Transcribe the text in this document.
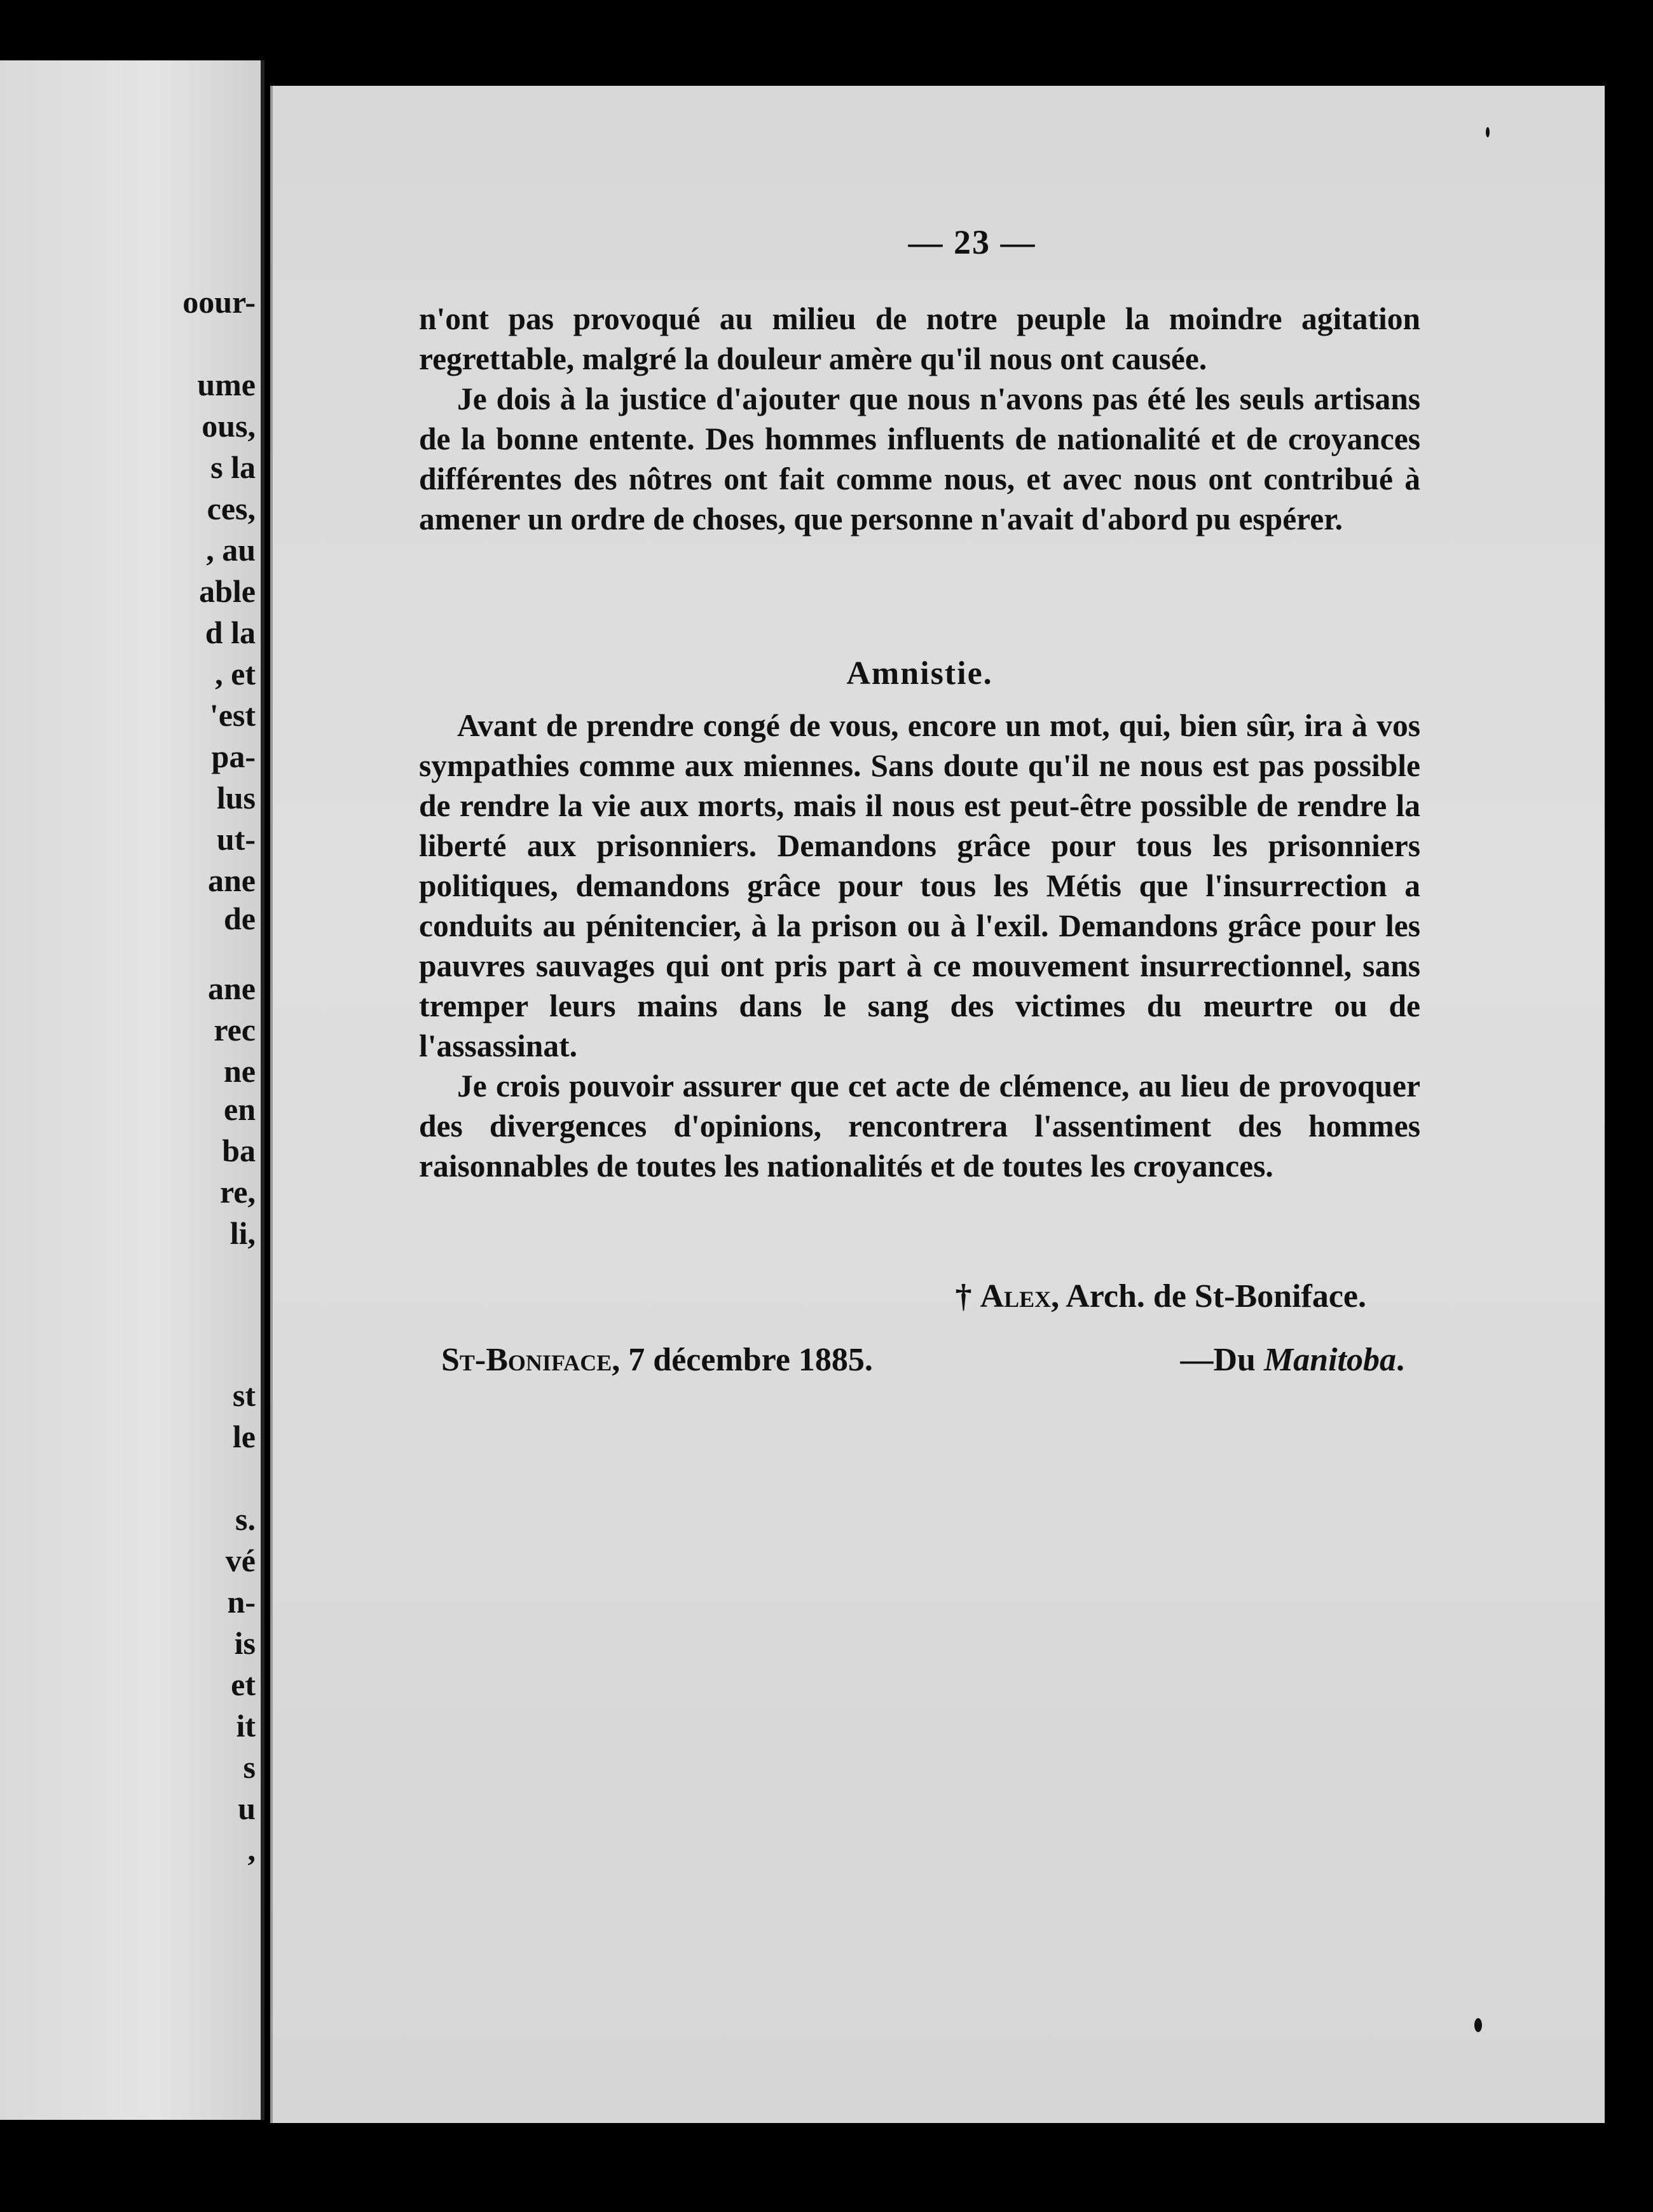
oour-
ume
ous,
s la
ces,
, au
able
d la
, et
'est
pa-
lus
ut-
ane
de
ane
rec
ne
en
ba
re,
li,
st
le
s.
vé
n-
is
et
it
s
u
,
— 23 —

n'ont pas provoqué au milieu de notre peuple la moindre agitation regrettable, malgré la douleur amère qu'il nous ont causée.

Je dois à la justice d'ajouter que nous n'avons pas été les seuls artisans de la bonne entente. Des hommes influents de nationalité et de croyances différentes des nôtres ont fait comme nous, et avec nous ont contribué à amener un ordre de choses, que personne n'avait d'abord pu espérer.

Amnistie.

Avant de prendre congé de vous, encore un mot, qui, bien sûr, ira à vos sympathies comme aux miennes. Sans doute qu'il ne nous est pas possible de rendre la vie aux morts, mais il nous est peut-être possible de rendre la liberté aux prisonniers. Demandons grâce pour tous les prisonniers politiques, demandons grâce pour tous les Métis que l'insurrection a conduits au pénitencier, à la prison ou à l'exil. Demandons grâce pour les pauvres sauvages qui ont pris part à ce mouvement insurrectionnel, sans tremper leurs mains dans le sang des victimes du meurtre ou de l'assassinat.

Je crois pouvoir assurer que cet acte de clémence, au lieu de provoquer des divergences d'opinions, rencontrera l'assentiment des hommes raisonnables de toutes les nationalités et de toutes les croyances.

† Alex, Arch. de St-Boniface.
St-Boniface, 7 décembre 1885.	—Du Manitoba.
